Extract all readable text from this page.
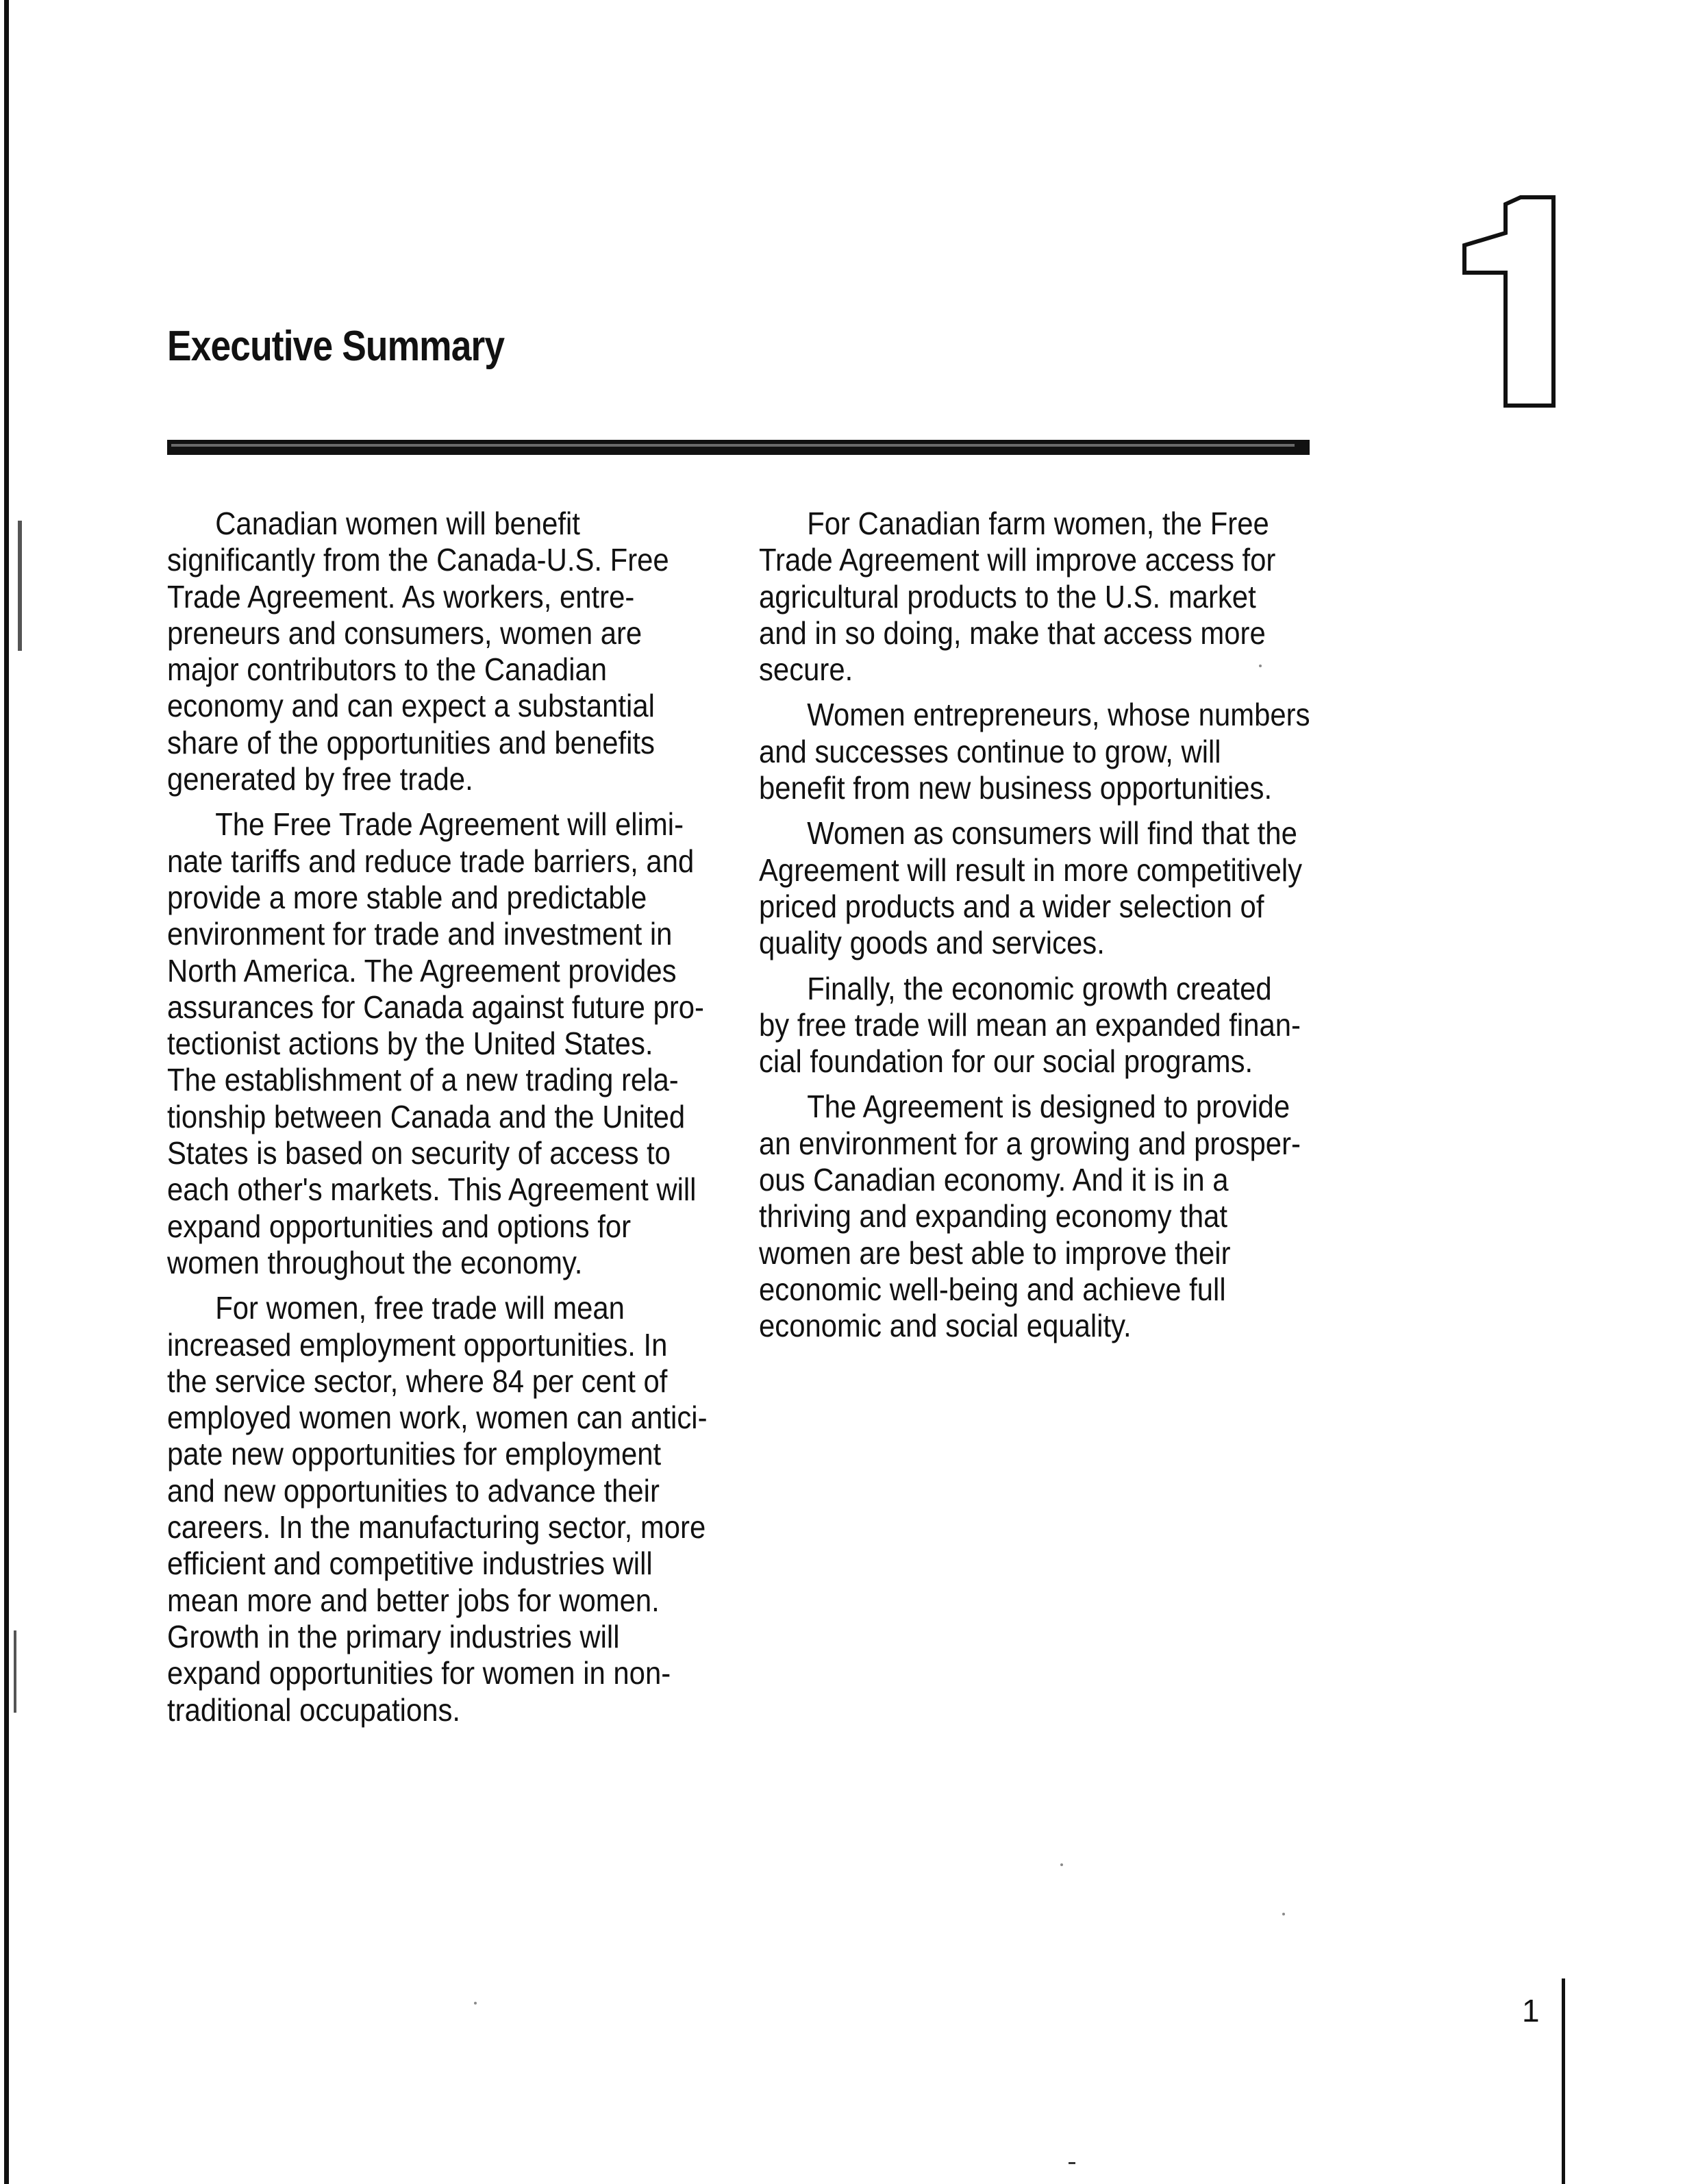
Executive Summary

Canadian women will benefit
significantly from the Canada-U.S. Free
Trade Agreement. As workers, entre-
preneurs and consumers, women are
major contributors to the Canadian
economy and can expect a substantial
share of the opportunities and benefits
generated by free trade.

The Free Trade Agreement will elimi-
nate tariffs and reduce trade barriers, and
provide a more stable and predictable
environment for trade and investment in
North America. The Agreement provides
assurances for Canada against future pro-
tectionist actions by the United States.
The establishment of a new trading rela-
tionship between Canada and the United
States is based on security of access to
each other's markets. This Agreement will
expand opportunities and options for
women throughout the economy.

For women, free trade will mean
increased employment opportunities. In
the service sector, where 84 per cent of
employed women work, women can antici-
pate new opportunities for employment
and new opportunities to advance their
careers. In the manufacturing sector, more
efficient and competitive industries will
mean more and better jobs for women.
Growth in the primary industries will
expand opportunities for women in non-
traditional occupations.

For Canadian farm women, the Free
Trade Agreement will improve access for
agricultural products to the U.S. market
and in so doing, make that access more
secure.

Women entrepreneurs, whose numbers
and successes continue to grow, will
benefit from new business opportunities.

Women as consumers will find that the
Agreement will result in more competitively
priced products and a wider selection of
quality goods and services.

Finally, the economic growth created
by free trade will mean an expanded finan-
cial foundation for our social programs.

The Agreement is designed to provide
an environment for a growing and prosper-
ous Canadian economy. And it is in a
thriving and expanding economy that
women are best able to improve their
economic well-being and achieve full
economic and social equality.

1
